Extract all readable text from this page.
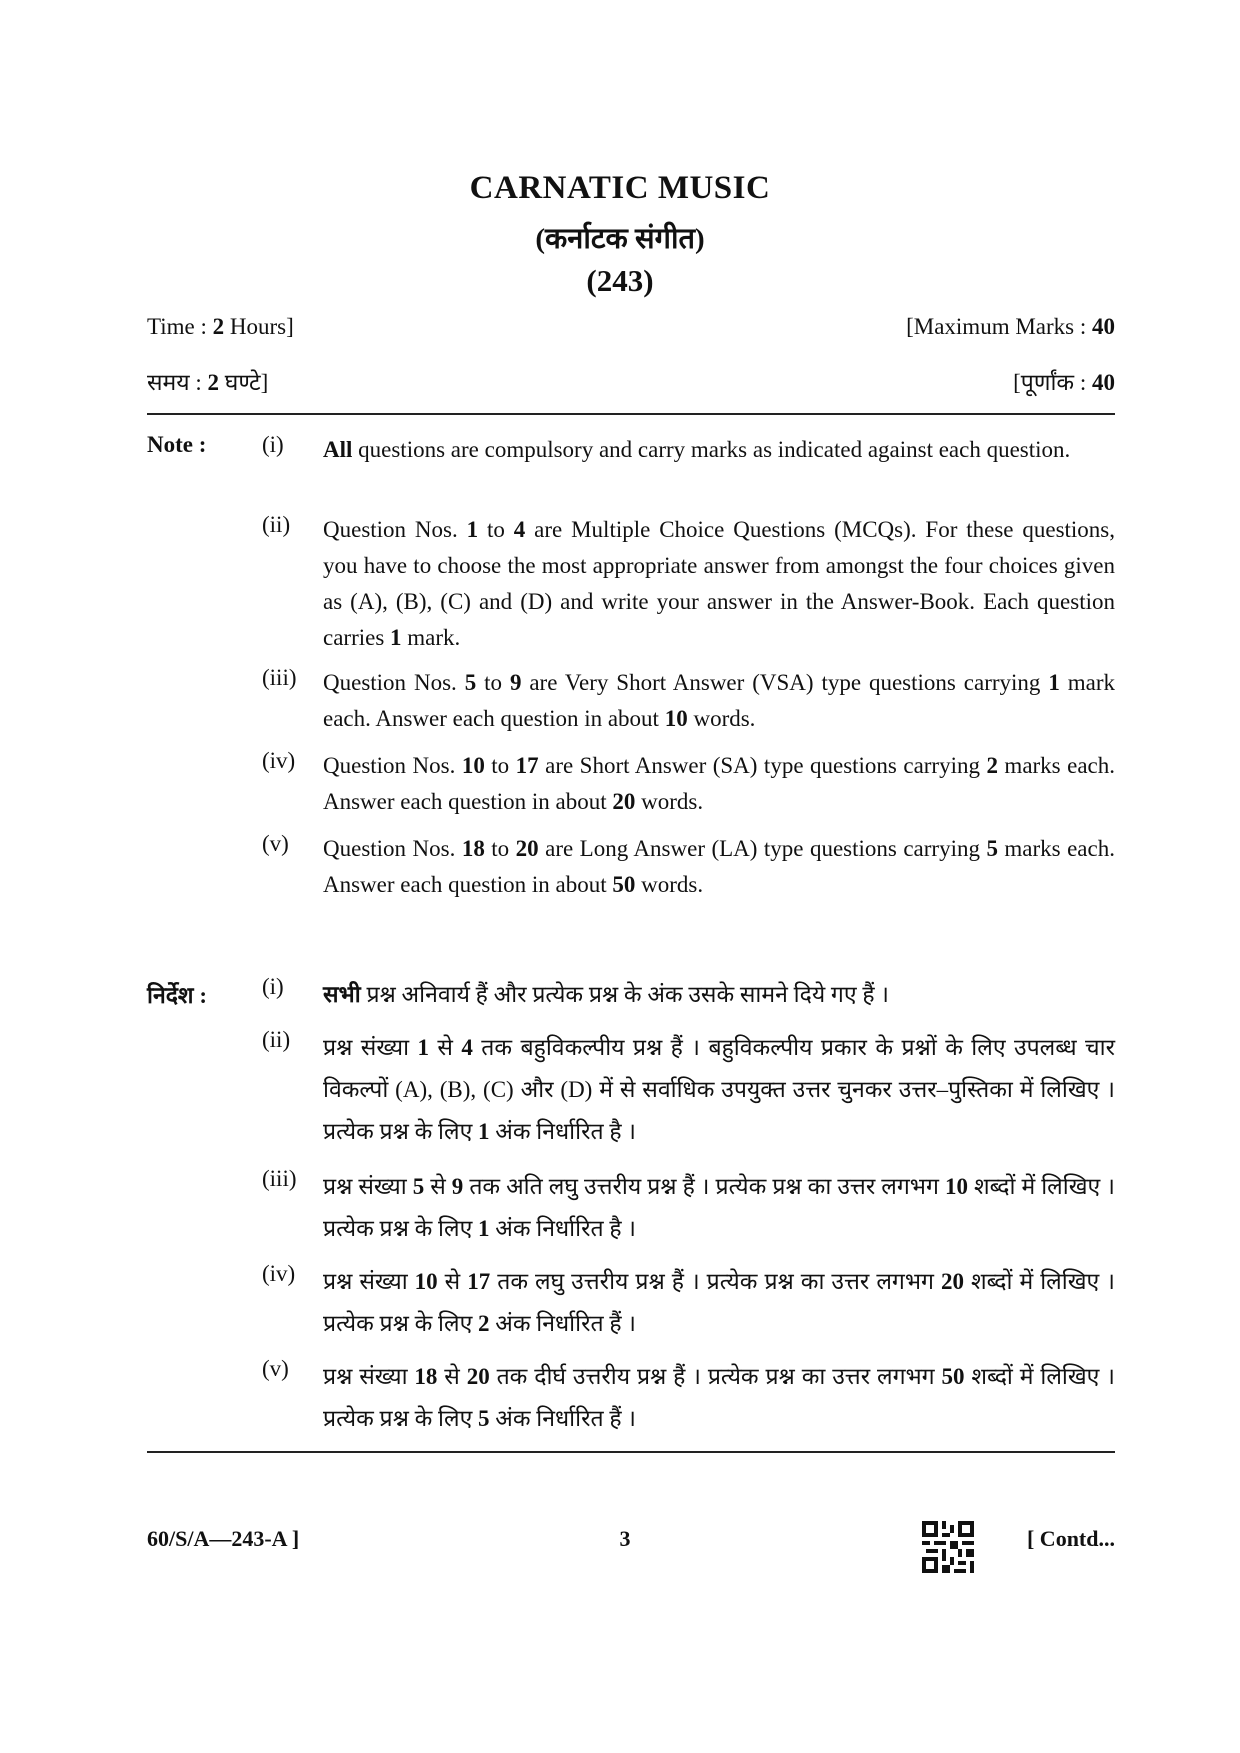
CARNATIC MUSIC
(कर्नाटक संगीत)
(243)
Time : 2 Hours]	[Maximum Marks : 40
समय : 2 घण्टे]	[पूर्णांक : 40
Note : (i) All questions are compulsory and carry marks as indicated against each question.
(ii) Question Nos. 1 to 4 are Multiple Choice Questions (MCQs). For these questions, you have to choose the most appropriate answer from amongst the four choices given as (A), (B), (C) and (D) and write your answer in the Answer-Book. Each question carries 1 mark.
(iii) Question Nos. 5 to 9 are Very Short Answer (VSA) type questions carrying 1 mark each. Answer each question in about 10 words.
(iv) Question Nos. 10 to 17 are Short Answer (SA) type questions carrying 2 marks each. Answer each question in about 20 words.
(v) Question Nos. 18 to 20 are Long Answer (LA) type questions carrying 5 marks each. Answer each question in about 50 words.
निर्देश : (i) सभी प्रश्न अनिवार्य हैं और प्रत्येक प्रश्न के अंक उसके सामने दिये गए हैं ।
(ii) प्रश्न संख्या 1 से 4 तक बहुविकल्पीय प्रश्न हैं । बहुविकल्पीय प्रकार के प्रश्नों के लिए उपलब्ध चार विकल्पों (A), (B), (C) और (D) में से सर्वाधिक उपयुक्त उत्तर चुनकर उत्तर–पुस्तिका में लिखिए । प्रत्येक प्रश्न के लिए 1 अंक निर्धारित है ।
(iii) प्रश्न संख्या 5 से 9 तक अति लघु उत्तरीय प्रश्न हैं । प्रत्येक प्रश्न का उत्तर लगभग 10 शब्दों में लिखिए । प्रत्येक प्रश्न के लिए 1 अंक निर्धारित है ।
(iv) प्रश्न संख्या 10 से 17 तक लघु उत्तरीय प्रश्न हैं । प्रत्येक प्रश्न का उत्तर लगभग 20 शब्दों में लिखिए । प्रत्येक प्रश्न के लिए 2 अंक निर्धारित हैं ।
(v) प्रश्न संख्या 18 से 20 तक दीर्घ उत्तरीय प्रश्न हैं । प्रत्येक प्रश्न का उत्तर लगभग 50 शब्दों में लिखिए । प्रत्येक प्रश्न के लिए 5 अंक निर्धारित हैं ।
60/S/A—243-A ]	3	[ Contd...
